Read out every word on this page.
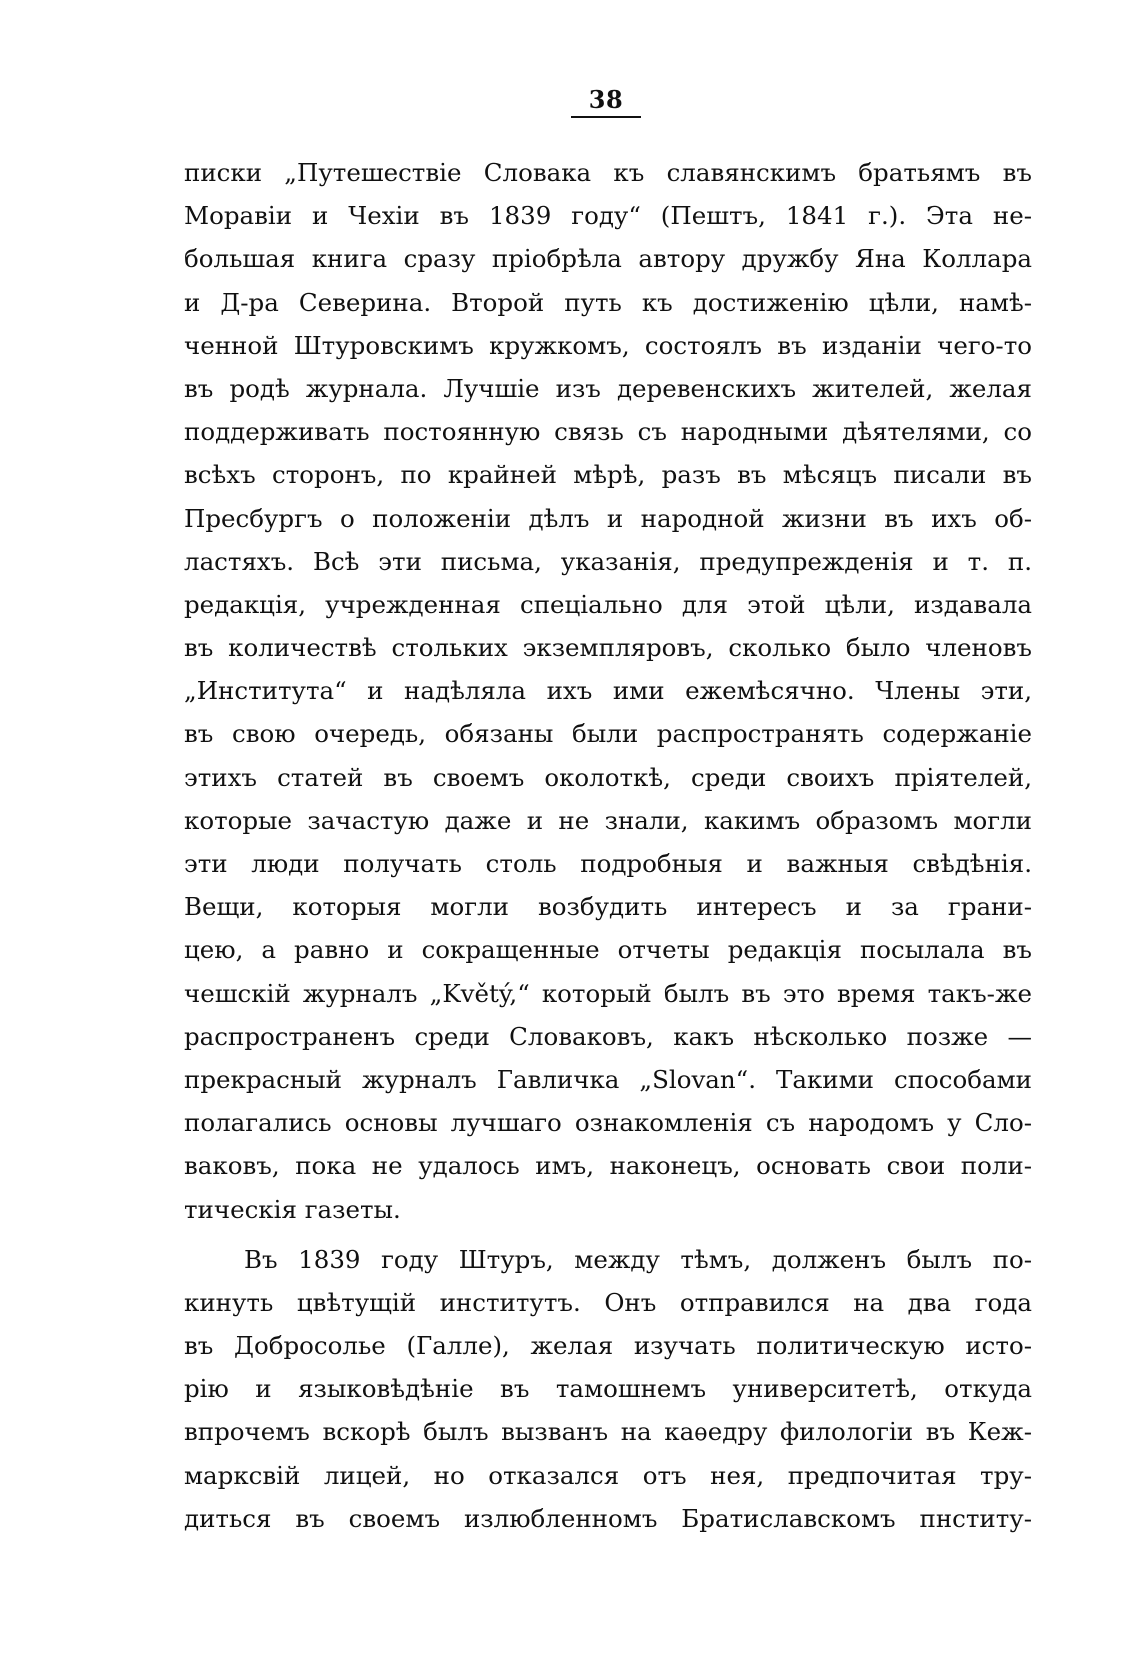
38
писки „Путешествіе Словака къ славянскимъ братьямъ въ
Моравіи и Чехіи въ 1839 году“ (Пештъ, 1841 г.). Эта не-
большая книга сразу пріобрѣла автору дружбу Яна Коллара
и Д-ра Северина. Второй путь къ достиженію цѣли, намѣ-
ченной Штуровскимъ кружкомъ, состоялъ въ изданіи чего-то
въ родѣ журнала. Лучшіе изъ деревенскихъ жителей, желая
поддерживать постоянную связь съ народными дѣятелями, со
всѣхъ сторонъ, по крайней мѣрѣ, разъ въ мѣсяцъ писали въ
Пресбургъ о положеніи дѣлъ и народной жизни въ ихъ об-
ластяхъ. Всѣ эти письма, указанія, предупрежденія и т. п.
редакція, учрежденная спеціально для этой цѣли, издавала
въ количествѣ стольких экземпляровъ, сколько было членовъ
„Института“ и надѣляла ихъ ими ежемѣсячно. Члены эти,
въ свою очередь, обязаны были распространять содержаніе
этихъ статей въ своемъ околоткѣ, среди своихъ пріятелей,
которые зачастую даже и не знали, какимъ образомъ могли
эти люди получать столь подробныя и важныя свѣдѣнія.
Вещи, которыя могли возбудить интересъ и за грани-
цею, а равно и сокращенные отчеты редакція посылала въ
чешскій журналъ „Květý,“ который былъ въ это время такъ-же
распространенъ среди Словаковъ, какъ нѣсколько позже —
прекрасный журналъ Гавличка „Slovan“. Такими способами
полагались основы лучшаго ознакомленія съ народомъ у Сло-
ваковъ, пока не удалось имъ, наконецъ, основать свои поли-
тическія газеты.
Въ 1839 году Штуръ, между тѣмъ, долженъ былъ по-
кинуть цвѣтущій институтъ. Онъ отправился на два года
въ Добросолье (Галле), желая изучать политическую исто-
рію и языковѣдѣніе въ тамошнемъ университетѣ, откуда
впрочемъ вскорѣ былъ вызванъ на каѳедру филологіи въ Кеж-
марксвій лицей, но отказался отъ нея, предпочитая тру-
диться въ своемъ излюбленномъ Братиславскомъ пнститу-
